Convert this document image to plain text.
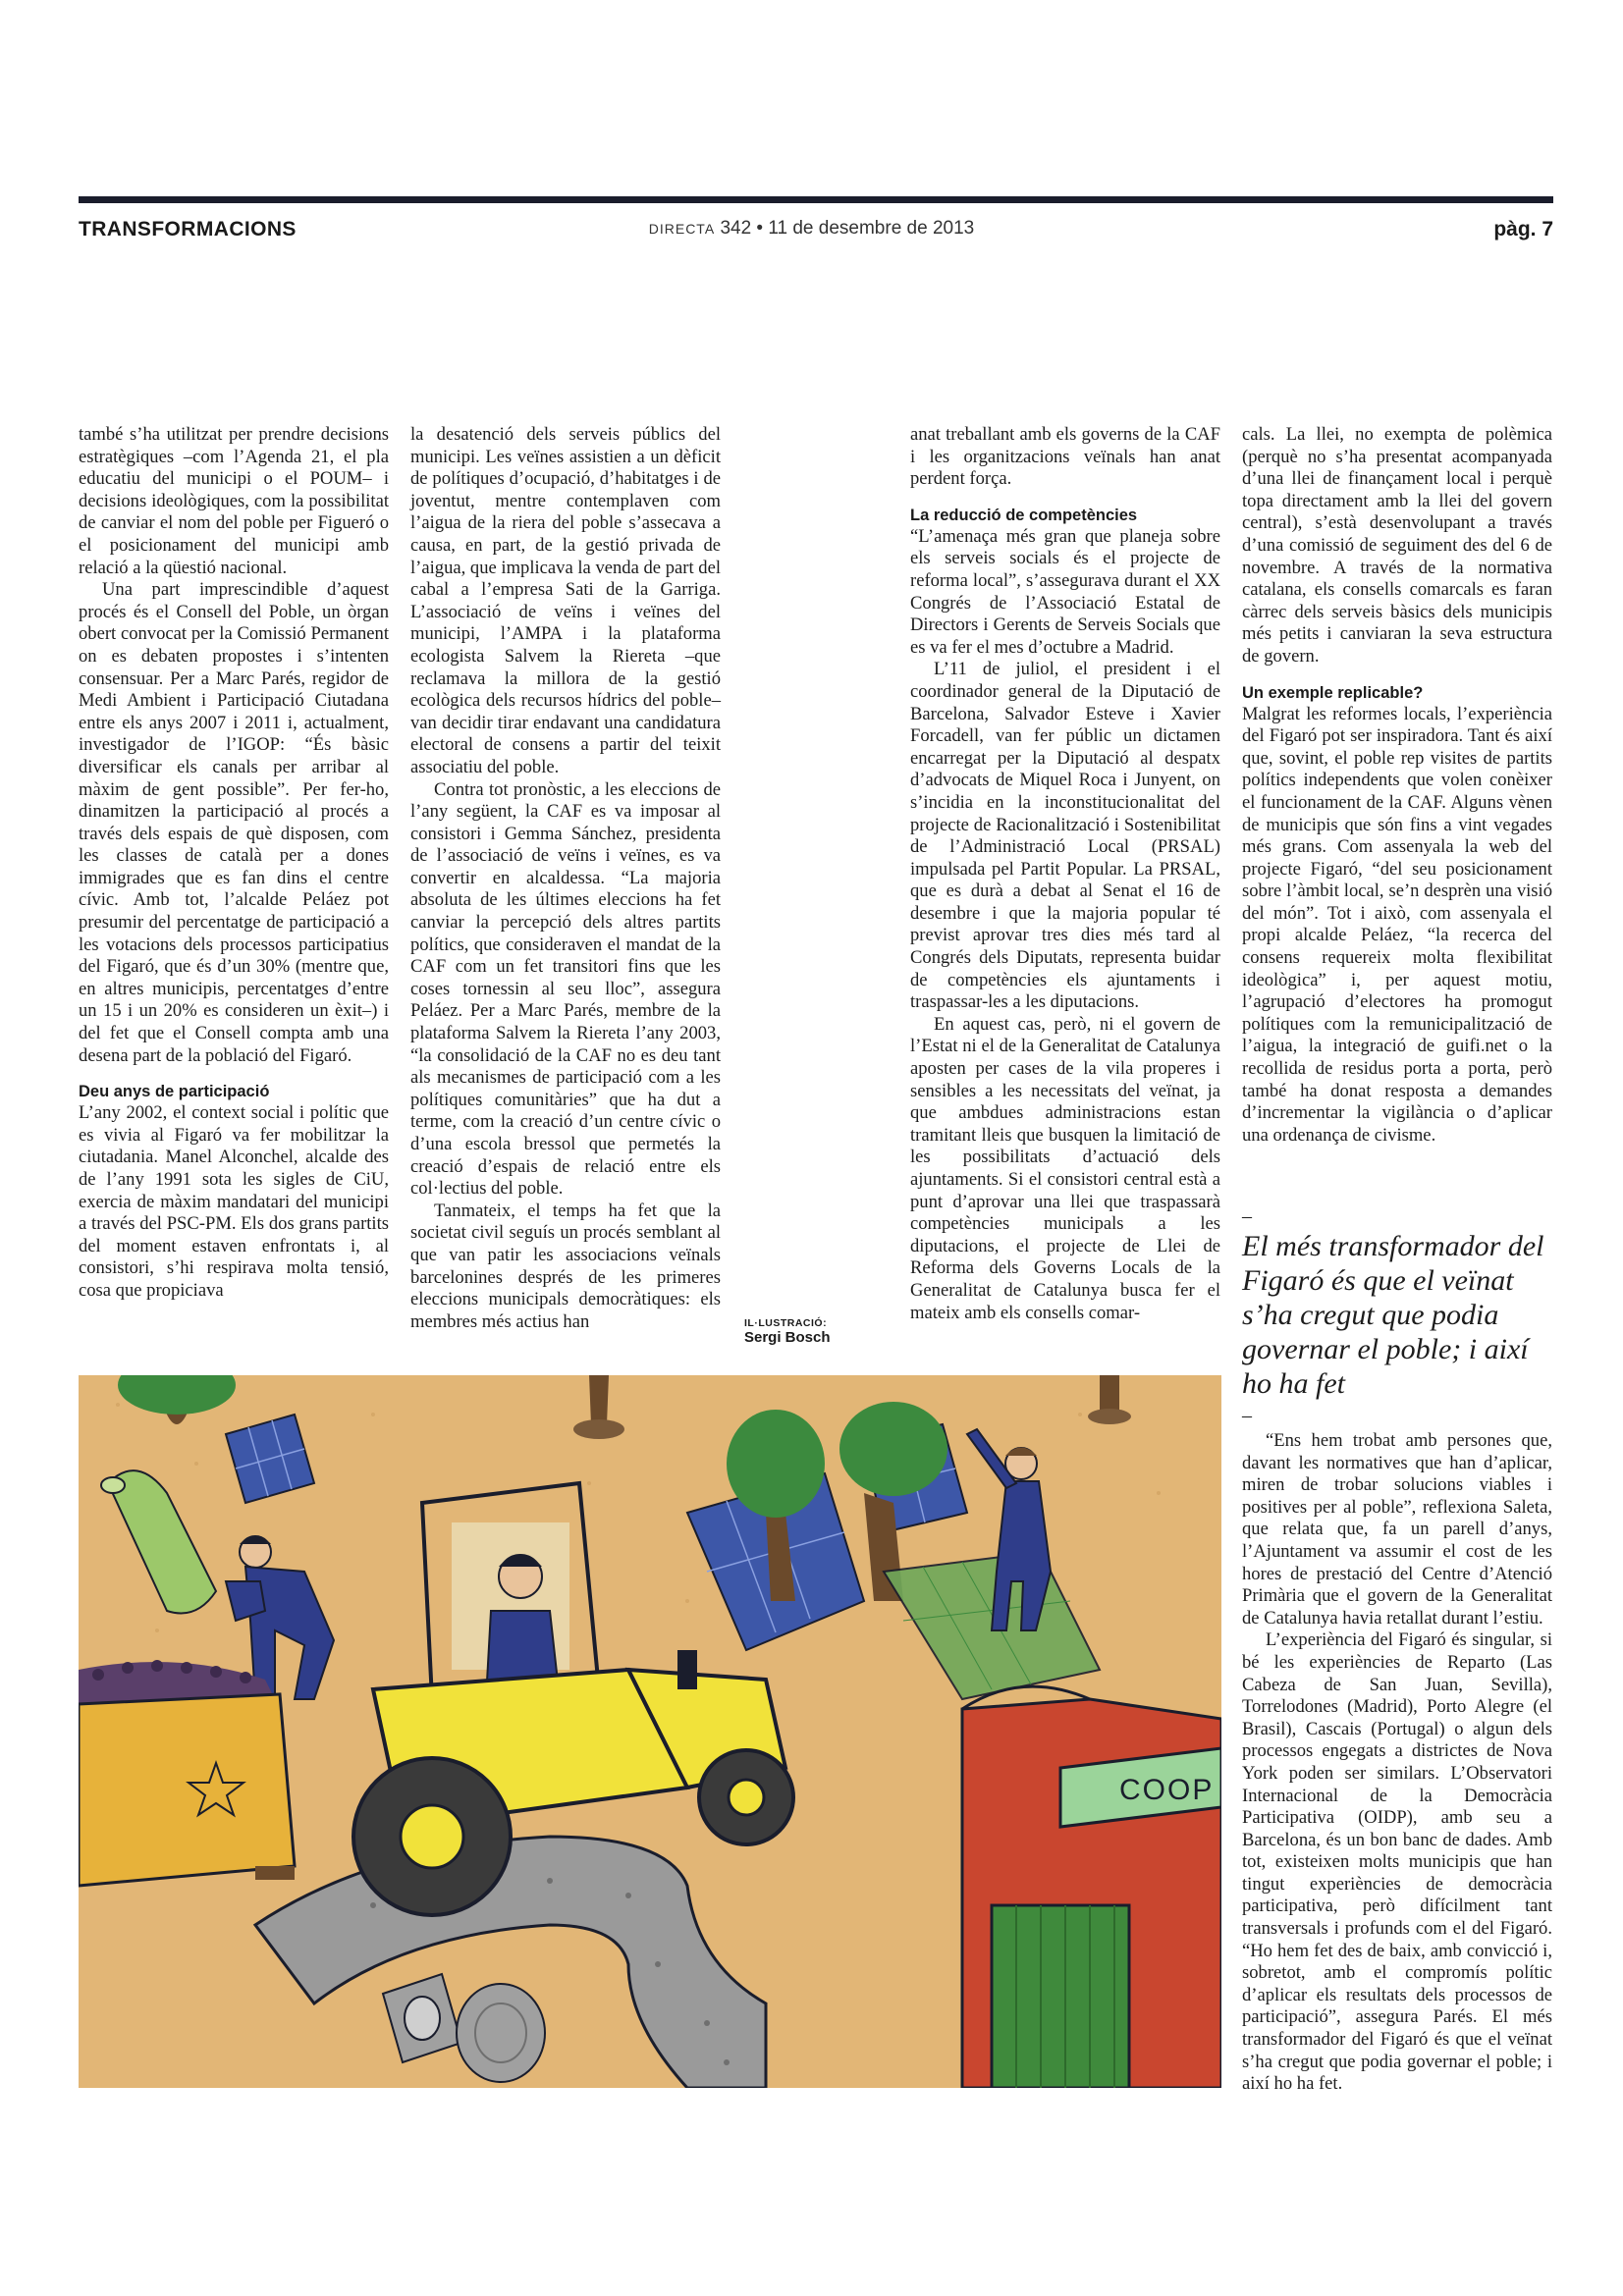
TRANSFORMACIONS	DIRECTA 342 • 11 de desembre de 2013	pàg. 7

també s’ha utilitzat per prendre decisions estratègiques –com l’Agenda 21, el pla educatiu del municipi o el POUM– i decisions ideològiques, com la possibilitat de canviar el nom del poble per Figueró o el posicionament del municipi amb relació a la qüestió nacional.

Una part imprescindible d’aquest procés és el Consell del Poble, un òrgan obert convocat per la Comissió Permanent on es debaten propostes i s’intenten consensuar. Per a Marc Parés, regidor de Medi Ambient i Participació Ciutadana entre els anys 2007 i 2011 i, actualment, investigador de l’IGOP: “És bàsic diversificar els canals per arribar al màxim de gent possible”. Per fer-ho, dinamitzen la participació al procés a través dels espais de què disposen, com les classes de català per a dones immigrades que es fan dins el centre cívic. Amb tot, l’alcalde Peláez pot presumir del percentatge de participació a les votacions dels processos participatius del Figaró, que és d’un 30% (mentre que, en altres municipis, percentatges d’entre un 15 i un 20% es consideren un èxit–) i del fet que el Consell compta amb una desena part de la població del Figaró.

Deu anys de participació

L’any 2002, el context social i polític que es vivia al Figaró va fer mobilitzar la ciutadania. Manel Alconchel, alcalde des de l’any 1991 sota les sigles de CiU, exercia de màxim mandatari del municipi a través del PSC-PM. Els dos grans partits del moment estaven enfrontats i, al consistori, s’hi respirava molta tensió, cosa que propiciava

la desatenció dels serveis públics del municipi. Les veïnes assistien a un dèficit de polítiques d’ocupació, d’habitatges i de joventut, mentre contemplaven com l’aigua de la riera del poble s’assecava a causa, en part, de la gestió privada de l’aigua, que implicava la venda de part del cabal a l’empresa Sati de la Garriga. L’associació de veïns i veïnes del municipi, l’AMPA i la plataforma ecologista Salvem la Riereta –que reclamava la millora de la gestió ecològica dels recursos hídrics del poble– van decidir tirar endavant una candidatura electoral de consens a partir del teixit associatiu del poble.

Contra tot pronòstic, a les eleccions de l’any següent, la CAF es va imposar al consistori i Gemma Sánchez, presidenta de l’associació de veïns i veïnes, es va convertir en alcaldessa. “La majoria absoluta de les últimes eleccions ha fet canviar la percepció dels altres partits polítics, que consideraven el mandat de la CAF com un fet transitori fins que les coses tornessin al seu lloc”, assegura Peláez. Per a Marc Parés, membre de la plataforma Salvem la Riereta l’any 2003, “la consolidació de la CAF no es deu tant als mecanismes de participació com a les polítiques comunitàries” que ha dut a terme, com la creació d’un centre cívic o d’una escola bressol que permetés la creació d’espais de relació entre els col·lectius del poble.

Tanmateix, el temps ha fet que la societat civil seguís un procés semblant al que van patir les associacions veïnals barcelonines després de les primeres eleccions municipals democràtiques: els membres més actius han	IL·LUSTRACIÓ:
Sergi Bosch

anat treballant amb els governs de la CAF i les organitzacions veïnals han anat perdent força.

La reducció de competències

“L’amenaça més gran que planeja sobre els serveis socials és el projecte de reforma local”, s’assegurava durant el XX Congrés de l’Associació Estatal de Directors i Gerents de Serveis Socials que es va fer el mes d’octubre a Madrid.

L’11 de juliol, el president i el coordinador general de la Diputació de Barcelona, Salvador Esteve i Xavier Forcadell, van fer públic un dictamen encarregat per la Diputació al despatx d’advocats de Miquel Roca i Junyent, on s’incidia en la inconstitucionalitat del projecte de Racionalització i Sostenibilitat de l’Administració Local (PRSAL) impulsada pel Partit Popular. La PRSAL, que es durà a debat al Senat el 16 de desembre i que la majoria popular té previst aprovar tres dies més tard al Congrés dels Diputats, representa buidar de competències els ajuntaments i traspassar-les a les diputacions.

En aquest cas, però, ni el govern de l’Estat ni el de la Generalitat de Catalunya aposten per cases de la vila properes i sensibles a les necessitats del veïnat, ja que ambdues administracions estan tramitant lleis que busquen la limitació de les possibilitats d’actuació dels ajuntaments. Si el consistori central està a punt d’aprovar una llei que traspassarà competències municipals a les diputacions, el projecte de Llei de Reforma dels Governs Locals de la Generalitat de Catalunya busca fer el mateix amb els consells comar-

cals. La llei, no exempta de polèmica (perquè no s’ha presentat acompanyada d’una llei de finançament local i perquè topa directament amb la llei del govern central), s’està desenvolupant a través d’una comissió de seguiment des del 6 de novembre. A través de la normativa catalana, els consells comarcals es faran càrrec dels serveis bàsics dels municipis més petits i canviaran la seva estructura de govern.

Un exemple replicable?

Malgrat les reformes locals, l’experiència del Figaró pot ser inspiradora. Tant és així que, sovint, el poble rep visites de partits polítics independents que volen conèixer el funcionament de la CAF. Alguns vènen de municipis que són fins a vint vegades més grans. Com assenyala la web del projecte Figaró, “del seu posicionament sobre l’àmbit local, se’n desprèn una visió del món”. Tot i això, com assenyala el propi alcalde Peláez, “la recerca del consens requereix molta flexibilitat ideològica” i, per aquest motiu, l’agrupació d’electores ha promogut polítiques com la remunicipalització de l’aigua, la integració de guifi.net o la recollida de residus porta a porta, però també ha donat resposta a demandes d’incrementar la vigilància o d’aplicar una ordenança de civisme.

–
El més transformador del Figaró és que el veïnat s’ha cregut que podia governar el poble; i així ho ha fet
–

“Ens hem trobat amb persones que, davant les normatives que han d’aplicar, miren de trobar solucions viables i positives per al poble”, reflexiona Saleta, que relata que, fa un parell d’anys, l’Ajuntament va assumir el cost de les hores de prestació del Centre d’Atenció Primària que el govern de la Generalitat de Catalunya havia retallat durant l’estiu.

L’experiència del Figaró és singular, si bé les experiències de Reparto (Las Cabeza de San Juan, Sevilla), Torrelodones (Madrid), Porto Alegre (el Brasil), Cascais (Portugal) o algun dels processos engegats a districtes de Nova York poden ser similars. L’Observatori Internacional de la Democràcia Participativa (OIDP), amb seu a Barcelona, és un bon banc de dades. Amb tot, existeixen molts municipis que han tingut experiències de democràcia participativa, però difícilment tant transversals i profunds com el del Figaró. “Ho hem fet des de baix, amb convicció i, sobretot, amb el compromís polític d’aplicar els resultats dels processos de participació”, assegura Parés. El més transformador del Figaró és que el veïnat s’ha cregut que podia governar el poble; i així ho ha fet.

COOP
